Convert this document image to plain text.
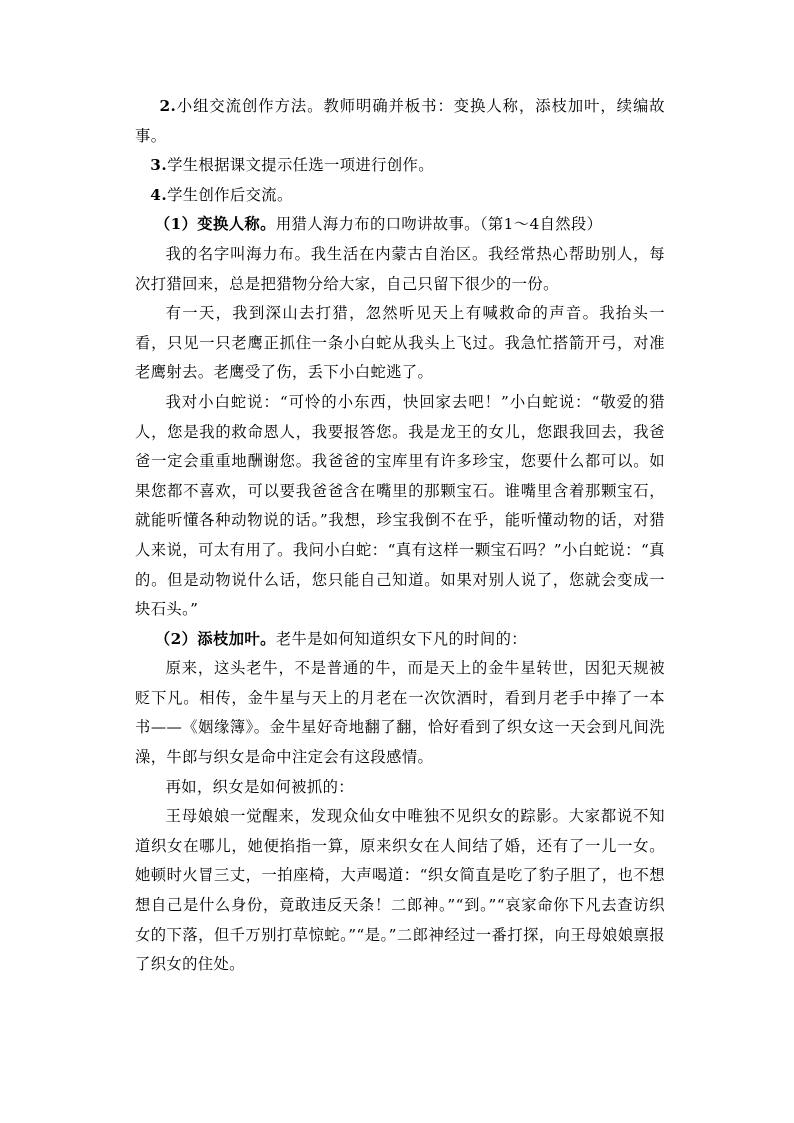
2.小组交流创作方法。教师明确并板书：变换人称，添枝加叶，续编故事。

3.学生根据课文提示任选一项进行创作。

4.学生创作后交流。

（1）变换人称。用猎人海力布的口吻讲故事。（第1～4自然段）

我的名字叫海力布。我生活在内蒙古自治区。我经常热心帮助别人，每次打猎回来，总是把猎物分给大家，自己只留下很少的一份。

有一天，我到深山去打猎，忽然听见天上有喊救命的声音。我抬头一看，只见一只老鹰正抓住一条小白蛇从我头上飞过。我急忙搭箭开弓，对准老鹰射去。老鹰受了伤，丢下小白蛇逃了。

我对小白蛇说：“可怜的小东西，快回家去吧！”小白蛇说：“敬爱的猎人，您是我的救命恩人，我要报答您。我是龙王的女儿，您跟我回去，我爸爸一定会重重地酬谢您。我爸爸的宝库里有许多珍宝，您要什么都可以。如果您都不喜欢，可以要我爸爸含在嘴里的那颗宝石。谁嘴里含着那颗宝石，就能听懂各种动物说的话。”我想，珍宝我倒不在乎，能听懂动物的话，对猎人来说，可太有用了。我问小白蛇：“真有这样一颗宝石吗？”小白蛇说：“真的。但是动物说什么话，您只能自己知道。如果对别人说了，您就会变成一块石头。”

（2）添枝加叶。老牛是如何知道织女下凡的时间的：

原来，这头老牛，不是普通的牛，而是天上的金牛星转世，因犯天规被贬下凡。相传，金牛星与天上的月老在一次饮酒时，看到月老手中捧了一本书——《姻缘簿》。金牛星好奇地翻了翻，恰好看到了织女这一天会到凡间洗澡，牛郎与织女是命中注定会有这段感情。

再如，织女是如何被抓的：

王母娘娘一觉醒来，发现众仙女中唯独不见织女的踪影。大家都说不知道织女在哪儿，她便掐指一算，原来织女在人间结了婚，还有了一儿一女。她顿时火冒三丈，一拍座椅，大声喝道：“织女简直是吃了豹子胆了，也不想想自己是什么身份，竟敢违反天条！二郎神。”“到。”“哀家命你下凡去查访织女的下落，但千万别打草惊蛇。”“是。”二郎神经过一番打探，向王母娘娘禀报了织女的住处。
